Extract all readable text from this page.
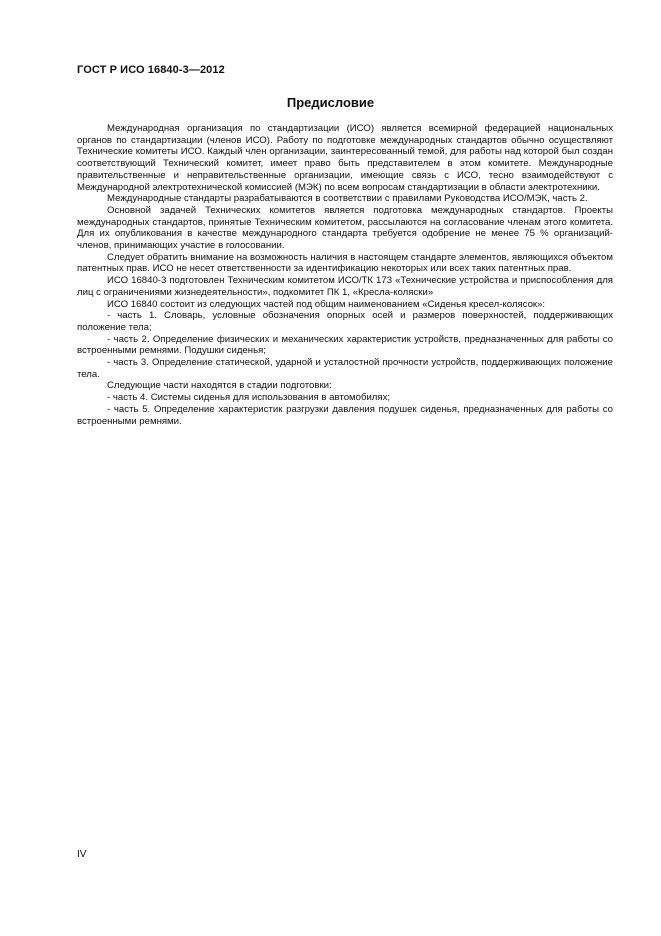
ГОСТ Р ИСО 16840-3—2012
Предисловие

Международная организация по стандартизации (ИСО) является всемирной федерацией национальных органов по стандартизации (членов ИСО). Работу по подготовке международных стандартов обычно осуществляют Технические комитеты ИСО. Каждый член организации, заинтересованный темой, для работы над которой был создан соответствующий Технический комитет, имеет право быть представителем в этом комитете. Международные правительственные и неправительственные организации, имеющие связь с ИСО, тесно взаимодействуют с Международной электротехнической комиссией (МЭК) по всем вопросам стандартизации в области электротехники.

Международные стандарты разрабатываются в соответствии с правилами Руководства ИСО/МЭК, часть 2.

Основной задачей Технических комитетов является подготовка международных стандартов. Проекты международных стандартов, принятые Техническим комитетом, рассылаются на согласование членам этого комитета. Для их опубликования в качестве международного стандарта требуется одобрение не менее 75 % организаций-членов, принимающих участие в голосовании.

Следует обратить внимание на возможность наличия в настоящем стандарте элементов, являющихся объектом патентных прав. ИСО не несет ответственности за идентификацию некоторых или всех таких патентных прав.

ИСО 16840-3 подготовлен Техническим комитетом ИСО/ТК 173 «Технические устройства и приспособления для лиц с ограничениями жизнедеятельности», подкомитет ПК 1, «Кресла-коляски»

ИСО 16840 состоит из следующих частей под общим наименованием «Сиденья кресел-колясок»:

- часть 1. Словарь, условные обозначения опорных осей и размеров поверхностей, поддерживающих положение тела;

- часть 2. Определение физических и механических характеристик устройств, предназначенных для работы со встроенными ремнями. Подушки сиденья;

- часть 3. Определение статической, ударной и усталостной прочности устройств, поддерживающих положение тела.

Следующие части находятся в стадии подготовки:

- часть 4. Системы сиденья для использования в автомобилях;

- часть 5. Определение характеристик разгрузки давления подушек сиденья, предназначенных для работы со встроенными ремнями.

IV
